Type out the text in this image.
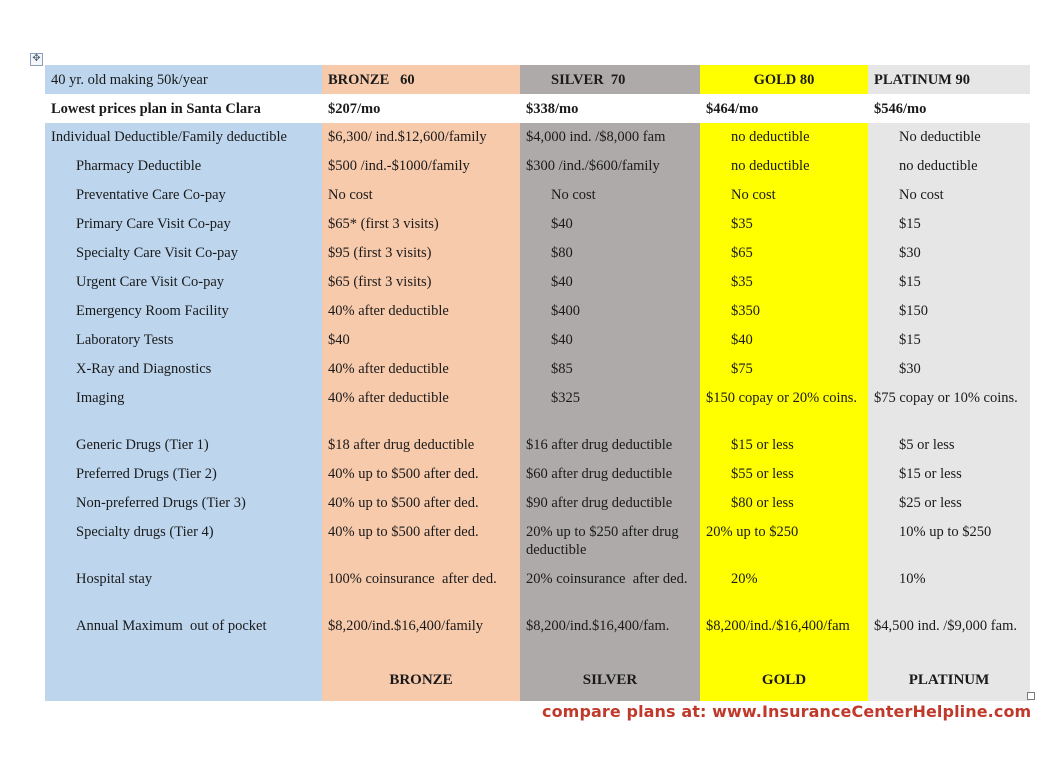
✥
40 yr. old making 50k/year	BRONZE   60	SILVER  70	GOLD 80	PLATINUM 90
Lowest prices plan in Santa Clara	$207/mo	$338/mo	$464/mo	$546/mo
Individual Deductible/Family deductible	$6,300/ ind.$12,600/family	$4,000 ind. /$8,000 fam	no deductible	No deductible
Pharmacy Deductible	$500 /ind.-$1000/family	$300 /ind./$600/family	no deductible	no deductible
Preventative Care Co-pay	No cost	No cost	No cost	No cost
Primary Care Visit Co-pay	$65* (first 3 visits)	$40	$35	$15
Specialty Care Visit Co-pay	$95 (first 3 visits)	$80	$65	$30
Urgent Care Visit Co-pay	$65 (first 3 visits)	$40	$35	$15
Emergency Room Facility	40% after deductible	$400	$350	$150
Laboratory Tests	$40	$40	$40	$15
X-Ray and Diagnostics	40% after deductible	$85	$75	$30
Imaging	40% after deductible	$325	$150 copay or 20% coins.	$75 copay or 10% coins.
Generic Drugs (Tier 1)	$18 after drug deductible	$16 after drug deductible	$15 or less	$5 or less
Preferred Drugs (Tier 2)	40% up to $500 after ded.	$60 after drug deductible	$55 or less	$15 or less
Non-preferred Drugs (Tier 3)	40% up to $500 after ded.	$90 after drug deductible	$80 or less	$25 or less
Specialty drugs (Tier 4)	40% up to $500 after ded.	20% up to $250 after drug deductible	20% up to $250	10% up to $250
Hospital stay	100% coinsurance  after ded.	20% coinsurance  after ded.	20%	10%
Annual Maximum  out of pocket	$8,200/ind.$16,400/family	$8,200/ind.$16,400/fam.	$8,200/ind./$16,400/fam	$4,500 ind. /$9,000 fam.
	BRONZE	SILVER	GOLD	PLATINUM
compare plans at: www.InsuranceCenterHelpline.com
